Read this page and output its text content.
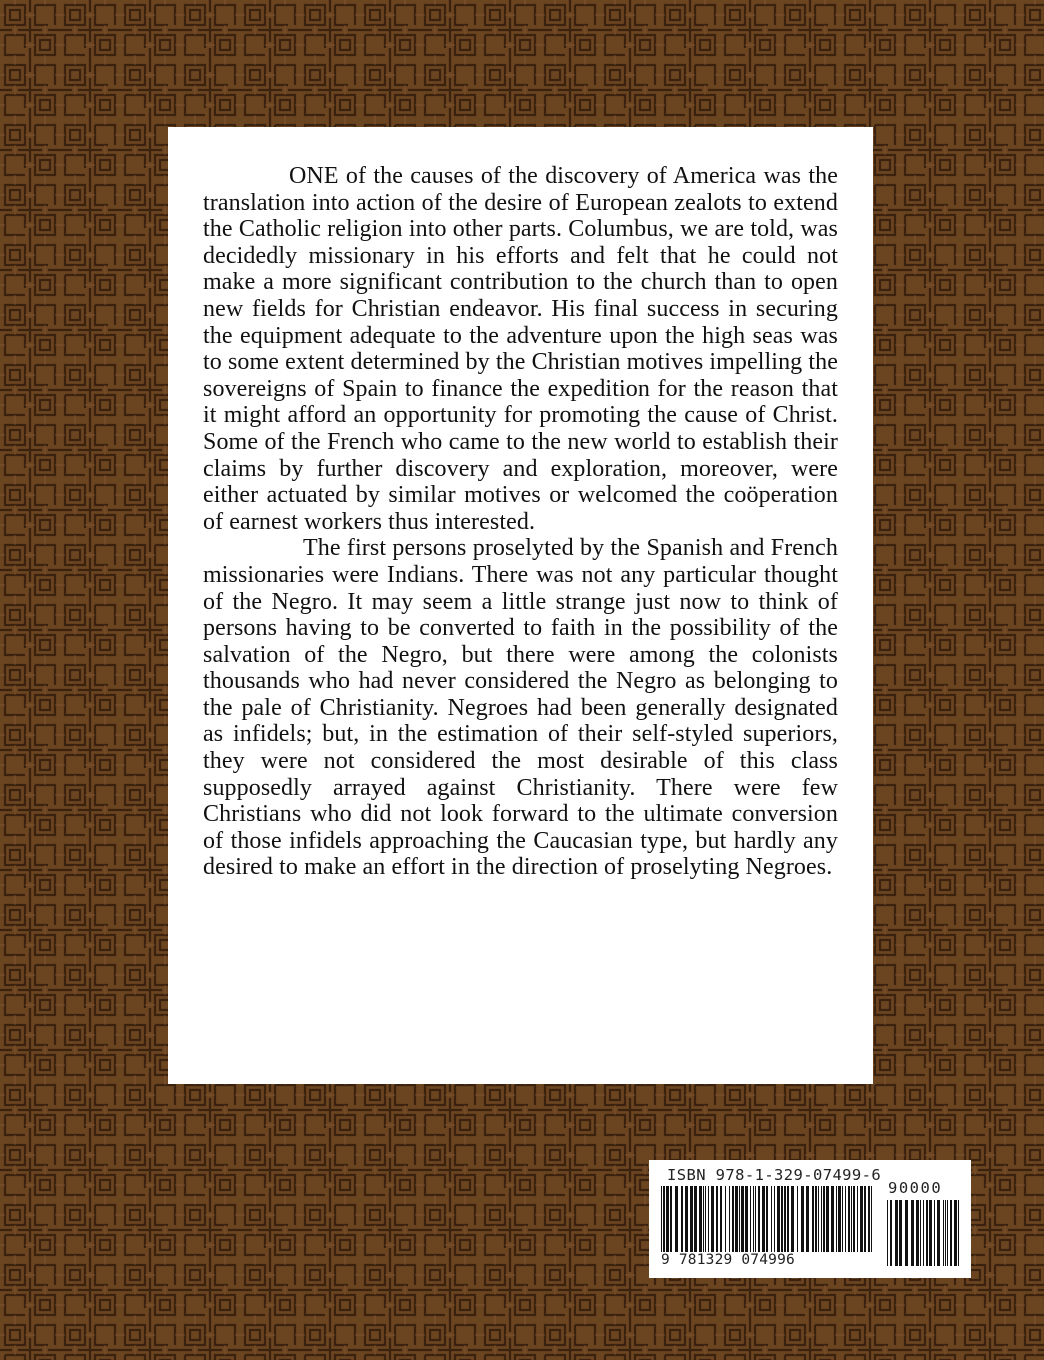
ONE of the causes of the discovery of America was the translation into action of the desire of European zealots to extend the Catholic religion into other parts. Columbus, we are told, was decidedly missionary in his efforts and felt that he could not make a more significant contribution to the church than to open new fields for Christian endeavor. His final success in securing the equipment adequate to the adventure upon the high seas was to some extent determined by the Christian motives impelling the sovereigns of Spain to finance the expedition for the reason that it might afford an opportunity for promoting the cause of Christ. Some of the French who came to the new world to establish their claims by further discovery and exploration, moreover, were either actuated by similar motives or welcomed the coöperation of earnest workers thus interested.

The first persons proselyted by the Spanish and French missionaries were Indians. There was not any particular thought of the Negro. It may seem a little strange just now to think of persons having to be converted to faith in the possibility of the salvation of the Negro, but there were among the colonists thousands who had never considered the Negro as belonging to the pale of Christianity. Negroes had been generally designated as infidels; but, in the estimation of their self-styled superiors, they were not considered the most desirable of this class supposedly arrayed against Christianity. There were few Christians who did not look forward to the ultimate conversion of those infidels approaching the Caucasian type, but hardly any desired to make an effort in the direction of proselyting Negroes.

ISBN 978-1-329-07499-6
9 781329 074996
90000
